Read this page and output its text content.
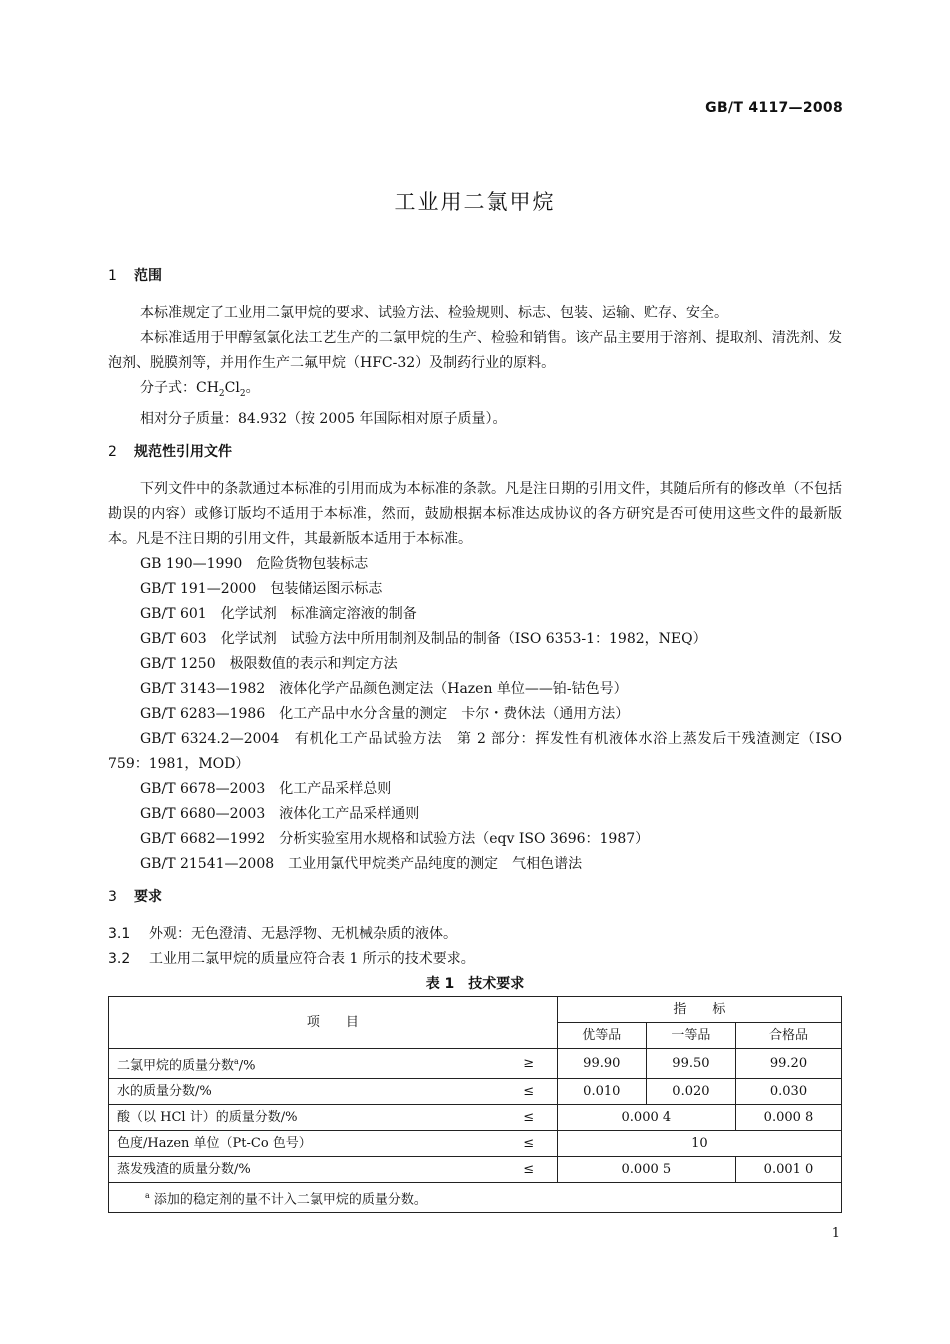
GB/T 4117—2008
工业用二氯甲烷

1 范围

本标准规定了工业用二氯甲烷的要求、试验方法、检验规则、标志、包装、运输、贮存、安全。

本标准适用于甲醇氢氯化法工艺生产的二氯甲烷的生产、检验和销售。该产品主要用于溶剂、提取剂、清洗剂、发泡剂、脱膜剂等，并用作生产二氟甲烷（HFC-32）及制药行业的原料。

分子式：$CH_2Cl_2$。

相对分子质量：84.932（按 2005 年国际相对原子质量）。

2 规范性引用文件

下列文件中的条款通过本标准的引用而成为本标准的条款。凡是注日期的引用文件，其随后所有的修改单（不包括勘误的内容）或修订版均不适用于本标准，然而，鼓励根据本标准达成协议的各方研究是否可使用这些文件的最新版本。凡是不注日期的引用文件，其最新版本适用于本标准。

GB 190—1990　危险货物包装标志

GB/T 191—2000　包装储运图示标志

GB/T 601　化学试剂　标准滴定溶液的制备

GB/T 603　化学试剂　试验方法中所用制剂及制品的制备（ISO 6353-1：1982，NEQ）

GB/T 1250　极限数值的表示和判定方法

GB/T 3143—1982　液体化学产品颜色测定法（Hazen 单位——铂-钴色号）

GB/T 6283—1986　化工产品中水分含量的测定　卡尔・费休法（通用方法）

GB/T 6324.2—2004　有机化工产品试验方法　第 2 部分：挥发性有机液体水浴上蒸发后干残渣测定（ISO 759：1981，MOD）

GB/T 6678—2003　化工产品采样总则

GB/T 6680—2003　液体化工产品采样通则

GB/T 6682—1992　分析实验室用水规格和试验方法（eqv ISO 3696：1987）

GB/T 21541—2008　工业用氯代甲烷类产品纯度的测定　气相色谱法

3 要求

3.1 外观：无色澄清、无悬浮物、无机械杂质的液体。

3.2 工业用二氯甲烷的质量应符合表 1 所示的技术要求。

表 1　技术要求
项　　目		指　　标		
		优等品	一等品	合格品
二氯甲烷的质量分数$^a$/%	≥	99.90	99.50	99.20
水的质量分数/%	≤	0.010	0.020	0.030
酸（以 HCl 计）的质量分数/%	≤	0.000 4		0.000 8
色度/Hazen 单位（Pt-Co 色号）	≤	10		
蒸发残渣的质量分数/%	≤	0.000 5		0.001 0
$^a$ 添加的稳定剂的量不计入二氯甲烷的质量分数。				
1
